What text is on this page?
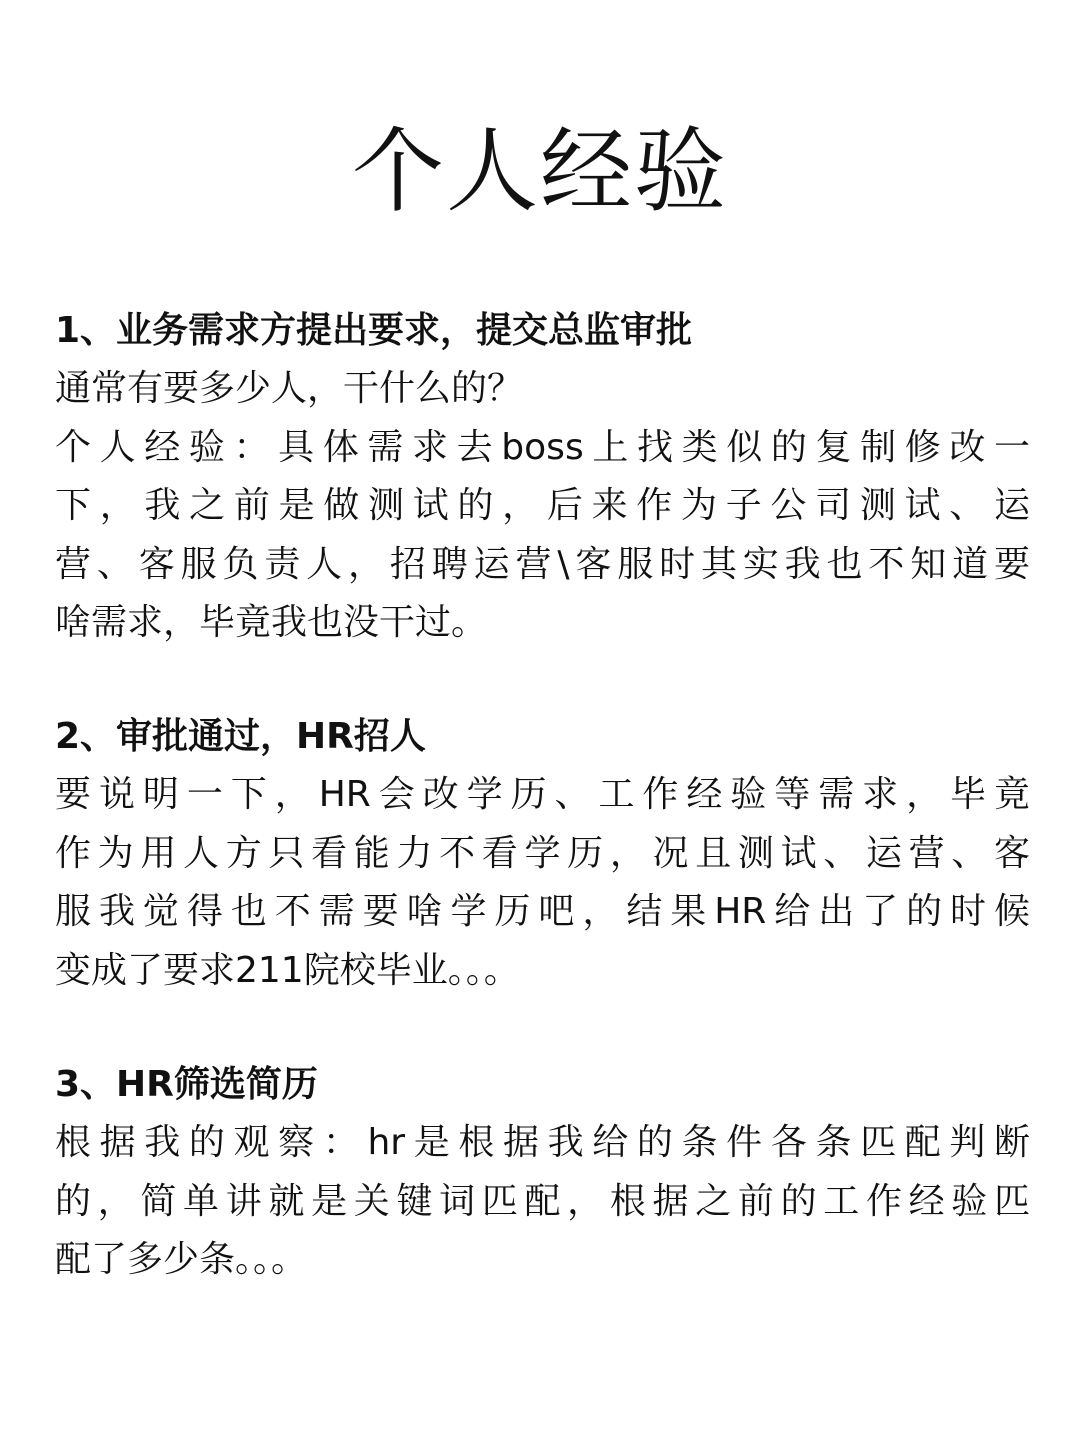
个人经验
1、业务需求方提出要求，提交总监审批
通常有要多少人，干什么的？
个人经验：具体需求去boss上找类似的复制修改一
下，我之前是做测试的，后来作为子公司测试、运
营、客服负责人，招聘运营\客服时其实我也不知道要
啥需求，毕竟我也没干过。
2、审批通过，HR招人
要说明一下，HR会改学历、工作经验等需求，毕竟
作为用人方只看能力不看学历，况且测试、运营、客
服我觉得也不需要啥学历吧，结果HR给出了的时候
变成了要求211院校毕业。。。
3、HR筛选简历
根据我的观察：hr是根据我给的条件各条匹配判断
的，简单讲就是关键词匹配，根据之前的工作经验匹
配了多少条。。。
